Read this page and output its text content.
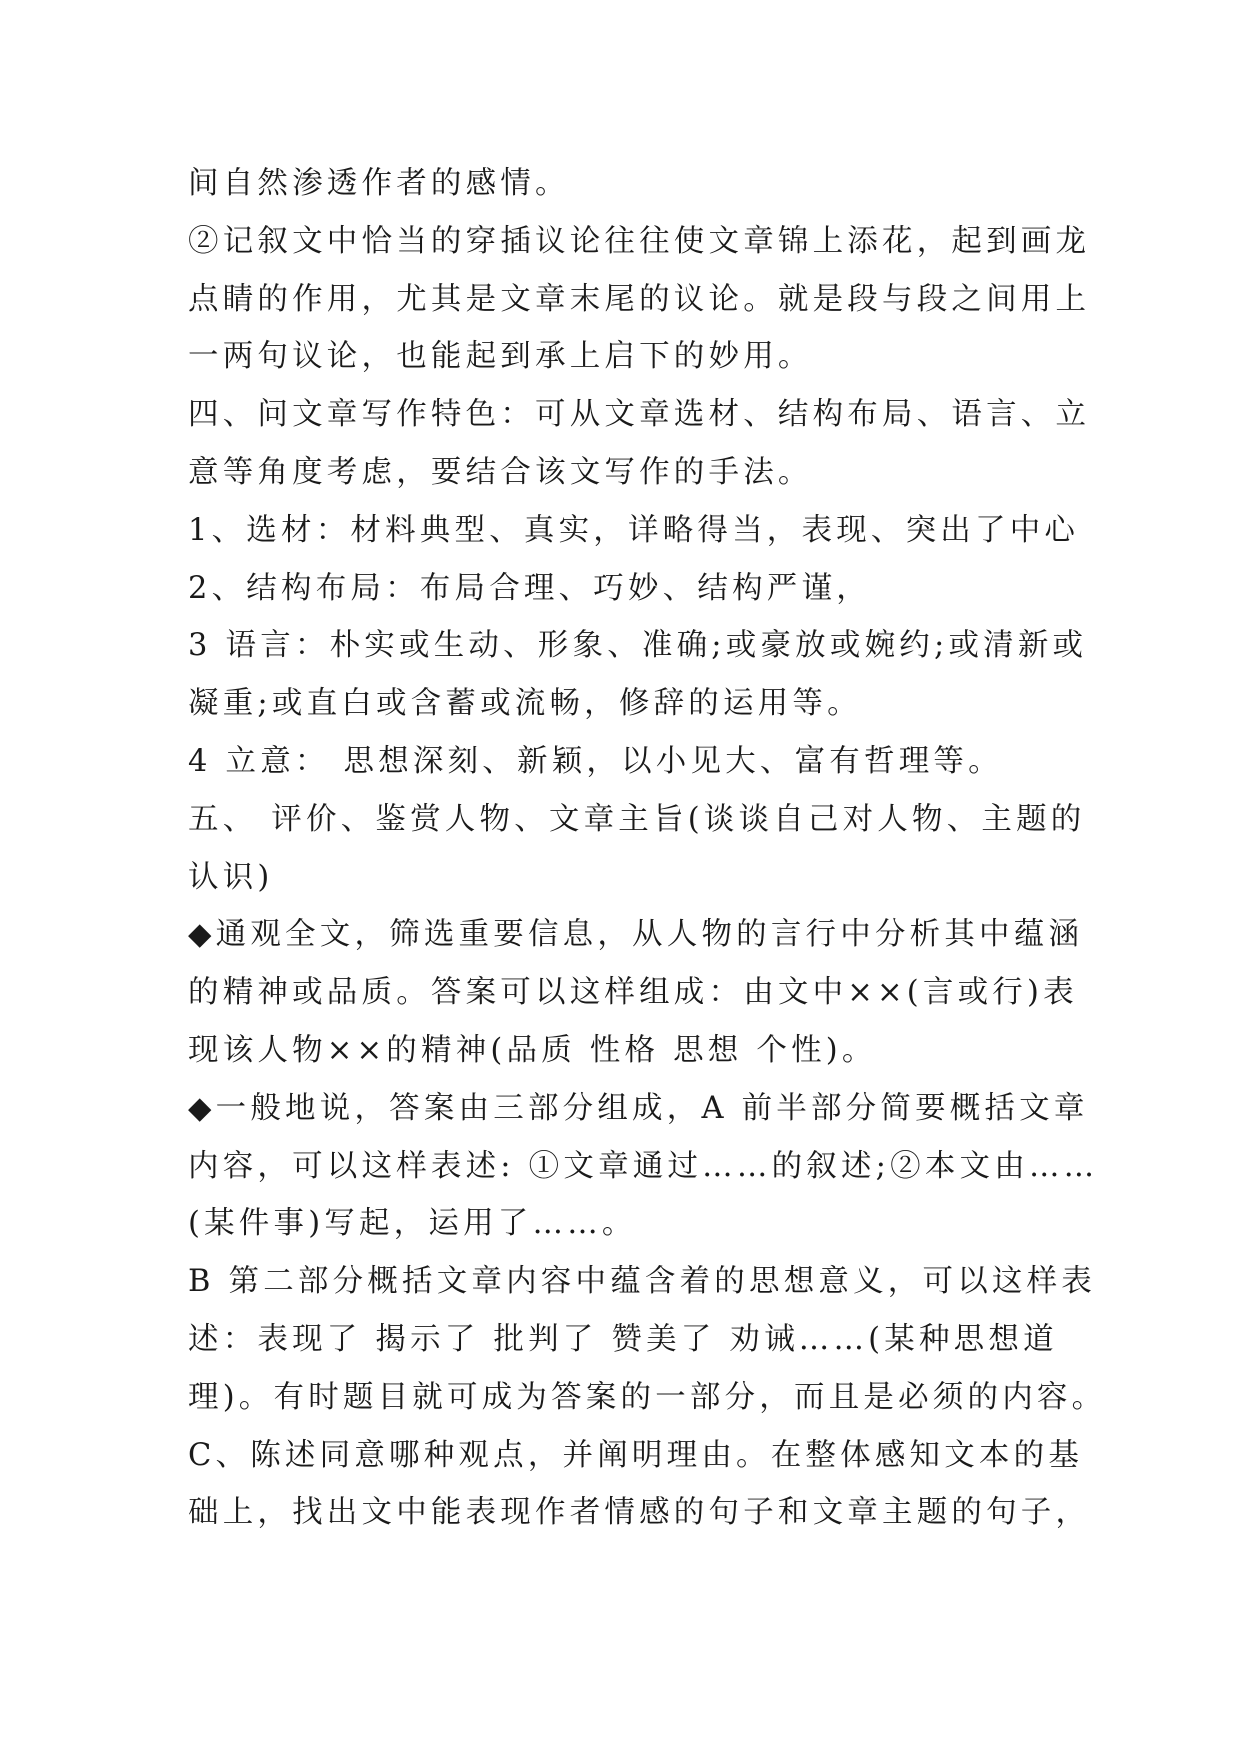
间自然渗透作者的感情。
②记叙文中恰当的穿插议论往往使文章锦上添花，起到画龙
点睛的作用，尤其是文章末尾的议论。就是段与段之间用上
一两句议论，也能起到承上启下的妙用。
四、问文章写作特色：可从文章选材、结构布局、语言、立
意等角度考虑，要结合该文写作的手法。
1、选材：材料典型、真实，详略得当，表现、突出了中心
2、结构布局：布局合理、巧妙、结构严谨，
3 语言：朴实或生动、形象、准确;或豪放或婉约;或清新或
凝重;或直白或含蓄或流畅，修辞的运用等。
4 立意： 思想深刻、新颖，以小见大、富有哲理等。
五、 评价、鉴赏人物、文章主旨(谈谈自己对人物、主题的
认识)
◆通观全文，筛选重要信息，从人物的言行中分析其中蕴涵
的精神或品质。答案可以这样组成：由文中××(言或行)表
现该人物××的精神(品质 性格 思想 个性)。
◆一般地说，答案由三部分组成，A 前半部分简要概括文章
内容，可以这样表述: ①文章通过……的叙述;②本文由……
(某件事)写起，运用了……。
B 第二部分概括文章内容中蕴含着的思想意义，可以这样表
述：表现了 揭示了 批判了 赞美了 劝诫……(某种思想道
理)。有时题目就可成为答案的一部分，而且是必须的内容。
C、陈述同意哪种观点，并阐明理由。在整体感知文本的基
础上，找出文中能表现作者情感的句子和文章主题的句子，
